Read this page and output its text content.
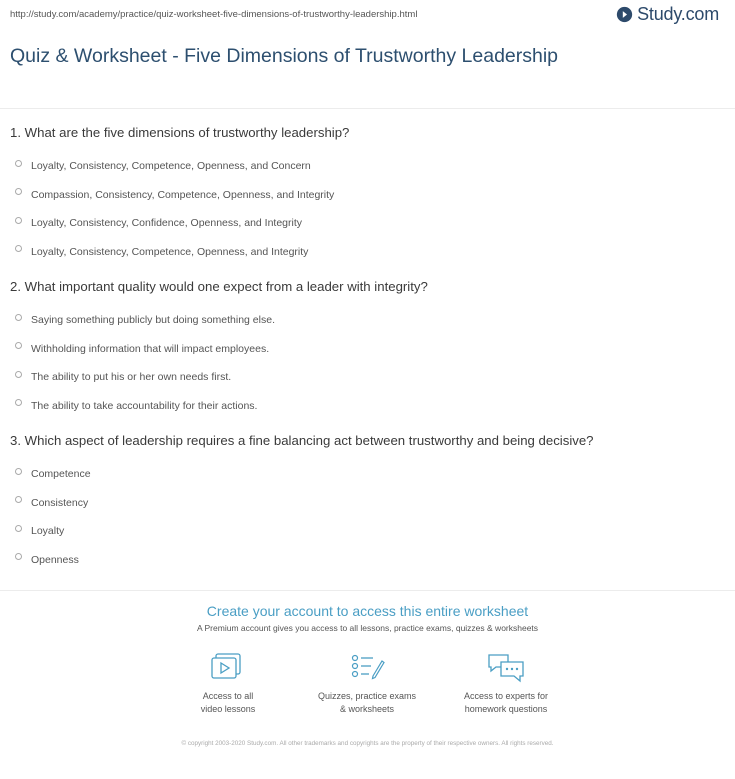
http://study.com/academy/practice/quiz-worksheet-five-dimensions-of-trustworthy-leadership.html	Study.com
Quiz & Worksheet - Five Dimensions of Trustworthy Leadership

1. What are the five dimensions of trustworthy leadership?

Loyalty, Consistency, Competence, Openness, and Concern
Compassion, Consistency, Competence, Openness, and Integrity
Loyalty, Consistency, Confidence, Openness, and Integrity
Loyalty, Consistency, Competence, Openness, and Integrity

2. What important quality would one expect from a leader with integrity?

Saying something publicly but doing something else.
Withholding information that will impact employees.
The ability to put his or her own needs first.
The ability to take accountability for their actions.

3. Which aspect of leadership requires a fine balancing act between trustworthy and being decisive?

Competence
Consistency
Loyalty
Openness

Create your account to access this entire worksheet

A Premium account gives you access to all lessons, practice exams, quizzes & worksheets
Access to all
video lessons
Quizzes, practice exams
& worksheets
Access to experts for
homework questions
© copyright 2003-2020 Study.com. All other trademarks and copyrights are the property of their respective owners. All rights reserved.
